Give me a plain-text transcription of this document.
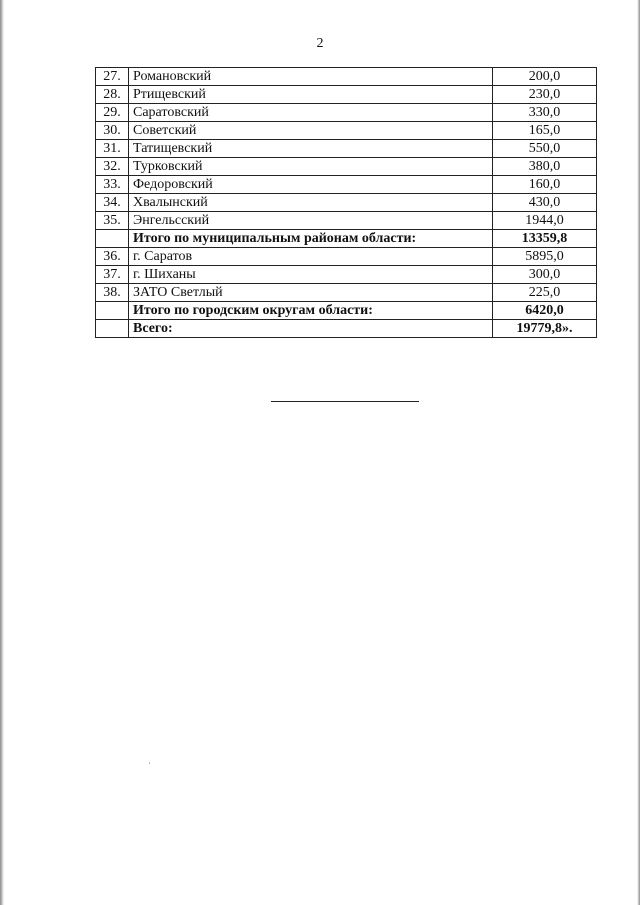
2
27.	Романовский	200,0
28.	Ртищевский	230,0
29.	Саратовский	330,0
30.	Советский	165,0
31.	Татищевский	550,0
32.	Турковский	380,0
33.	Федоровский	160,0
34.	Хвалынский	430,0
35.	Энгельсский	1944,0
	Итого по муниципальным районам области:	13359,8
36.	г. Саратов	5895,0
37.	г. Шиханы	300,0
38.	ЗАТО Светлый	225,0
	Итого по городским округам области:	6420,0
	Всего:	19779,8».
